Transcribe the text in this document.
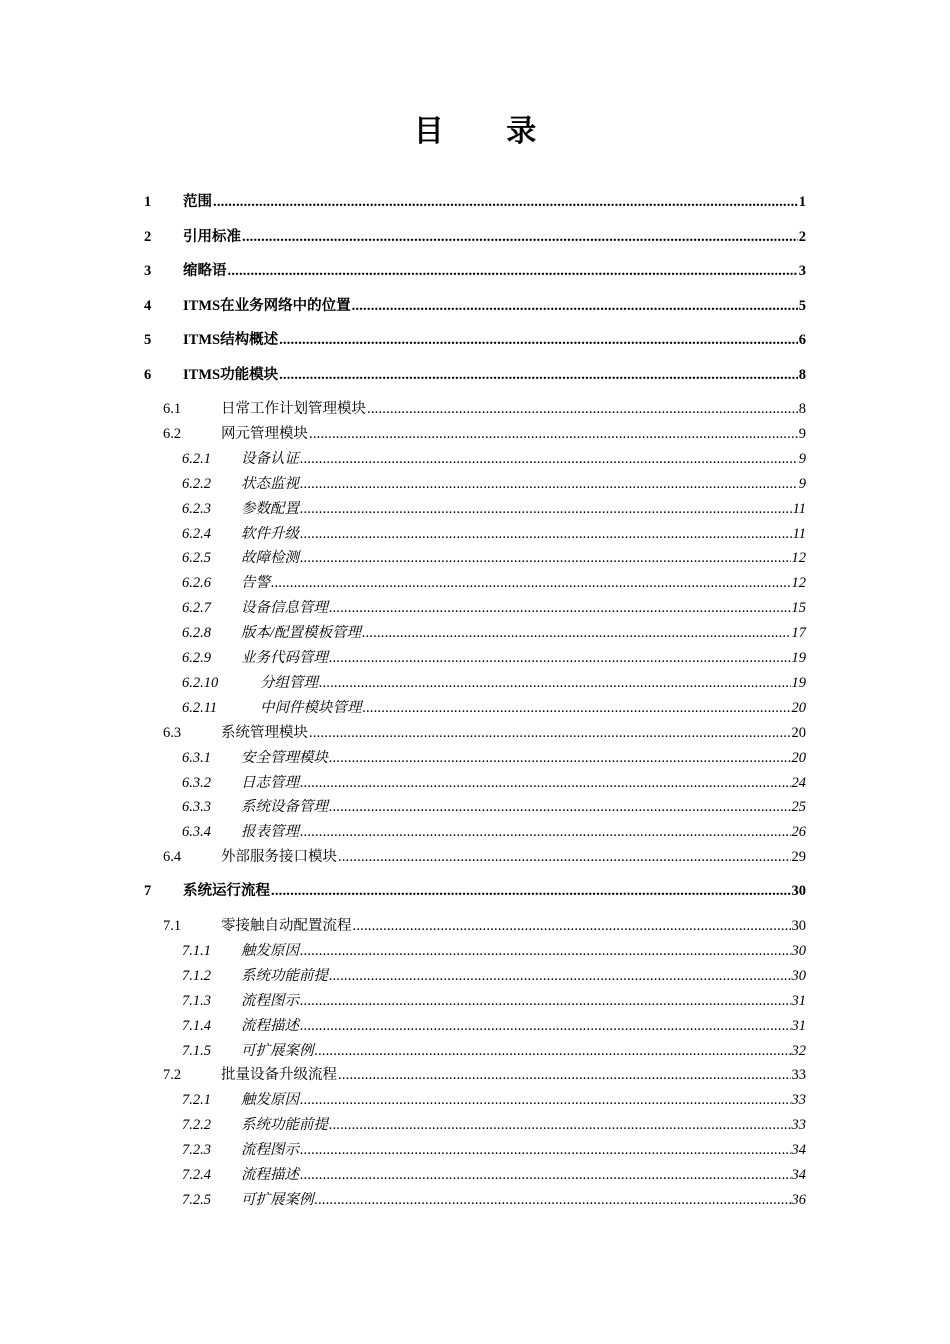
目 录
1	范围 .....	1
2	引用标准 .....	2
3	缩略语 .....	3
4	ITMS在业务网络中的位置 .....	5
5	ITMS结构概述 .....	6
6	ITMS功能模块 .....	8
6.1	日常工作计划管理模块 .....	8
6.2	网元管理模块 .....	9
6.2.1	设备认证 .....	9
6.2.2	状态监视 .....	9
6.2.3	参数配置 .....	11
6.2.4	软件升级 .....	11
6.2.5	故障检测 .....	12
6.2.6	告警 .....	12
6.2.7	设备信息管理 .....	15
6.2.8	版本/配置模板管理 .....	17
6.2.9	业务代码管理 .....	19
6.2.10	分组管理 .....	19
6.2.11	中间件模块管理 .....	20
6.3	系统管理模块 .....	20
6.3.1	安全管理模块 .....	20
6.3.2	日志管理 .....	24
6.3.3	系统设备管理 .....	25
6.3.4	报表管理 .....	26
6.4	外部服务接口模块 .....	29
7	系统运行流程 .....	30
7.1	零接触自动配置流程 .....	30
7.1.1	触发原因 .....	30
7.1.2	系统功能前提 .....	30
7.1.3	流程图示 .....	31
7.1.4	流程描述 .....	31
7.1.5	可扩展案例 .....	32
7.2	批量设备升级流程 .....	33
7.2.1	触发原因 .....	33
7.2.2	系统功能前提 .....	33
7.2.3	流程图示 .....	34
7.2.4	流程描述 .....	34
7.2.5	可扩展案例 .....	36
